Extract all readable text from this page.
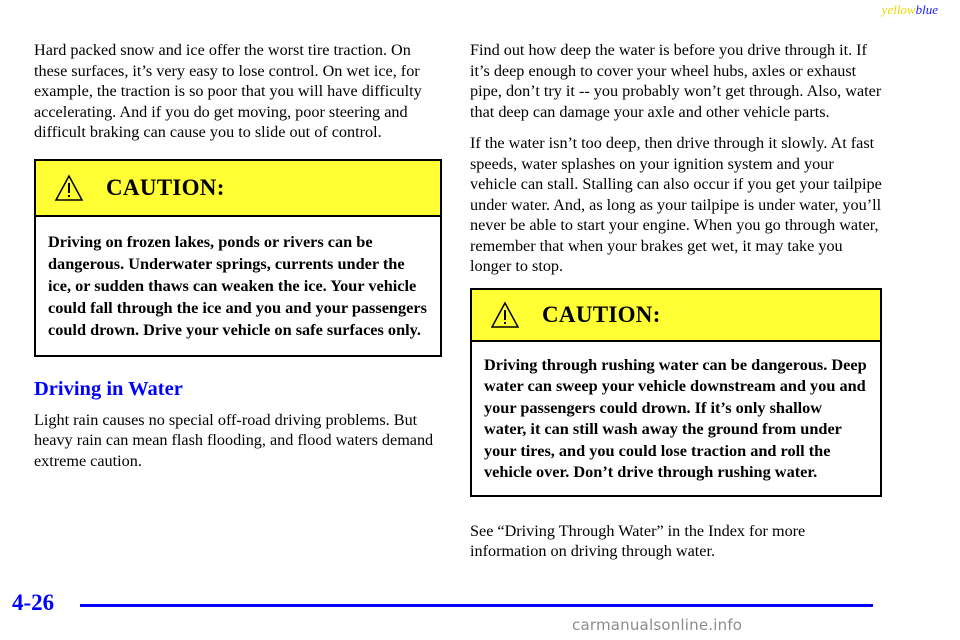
yellowblue

Hard packed snow and ice offer the worst tire traction. On these surfaces, it’s very easy to lose control. On wet ice, for example, the traction is so poor that you will have difficulty accelerating. And if you do get moving, poor steering and difficult braking can cause you to slide out of control.

CAUTION:
Driving on frozen lakes, ponds or rivers can be dangerous. Underwater springs, currents under the ice, or sudden thaws can weaken the ice. Your vehicle could fall through the ice and you and your passengers could drown. Drive your vehicle on safe surfaces only.
Driving in Water

Light rain causes no special off-road driving problems. But heavy rain can mean flash flooding, and flood waters demand extreme caution.

Find out how deep the water is before you drive through it. If it’s deep enough to cover your wheel hubs, axles or exhaust pipe, don’t try it -- you probably won’t get through. Also, water that deep can damage your axle and other vehicle parts.

If the water isn’t too deep, then drive through it slowly. At fast speeds, water splashes on your ignition system and your vehicle can stall. Stalling can also occur if you get your tailpipe under water. And, as long as your tailpipe is under water, you’ll never be able to start your engine. When you go through water, remember that when your brakes get wet, it may take you longer to stop.

CAUTION:
Driving through rushing water can be dangerous. Deep water can sweep your vehicle downstream and you and your passengers could drown. If it’s only shallow water, it can still wash away the ground from under your tires, and you could lose traction and roll the vehicle over. Don’t drive through rushing water.

See “Driving Through Water” in the Index for more information on driving through water.

4-26
carmanualsonline.info
